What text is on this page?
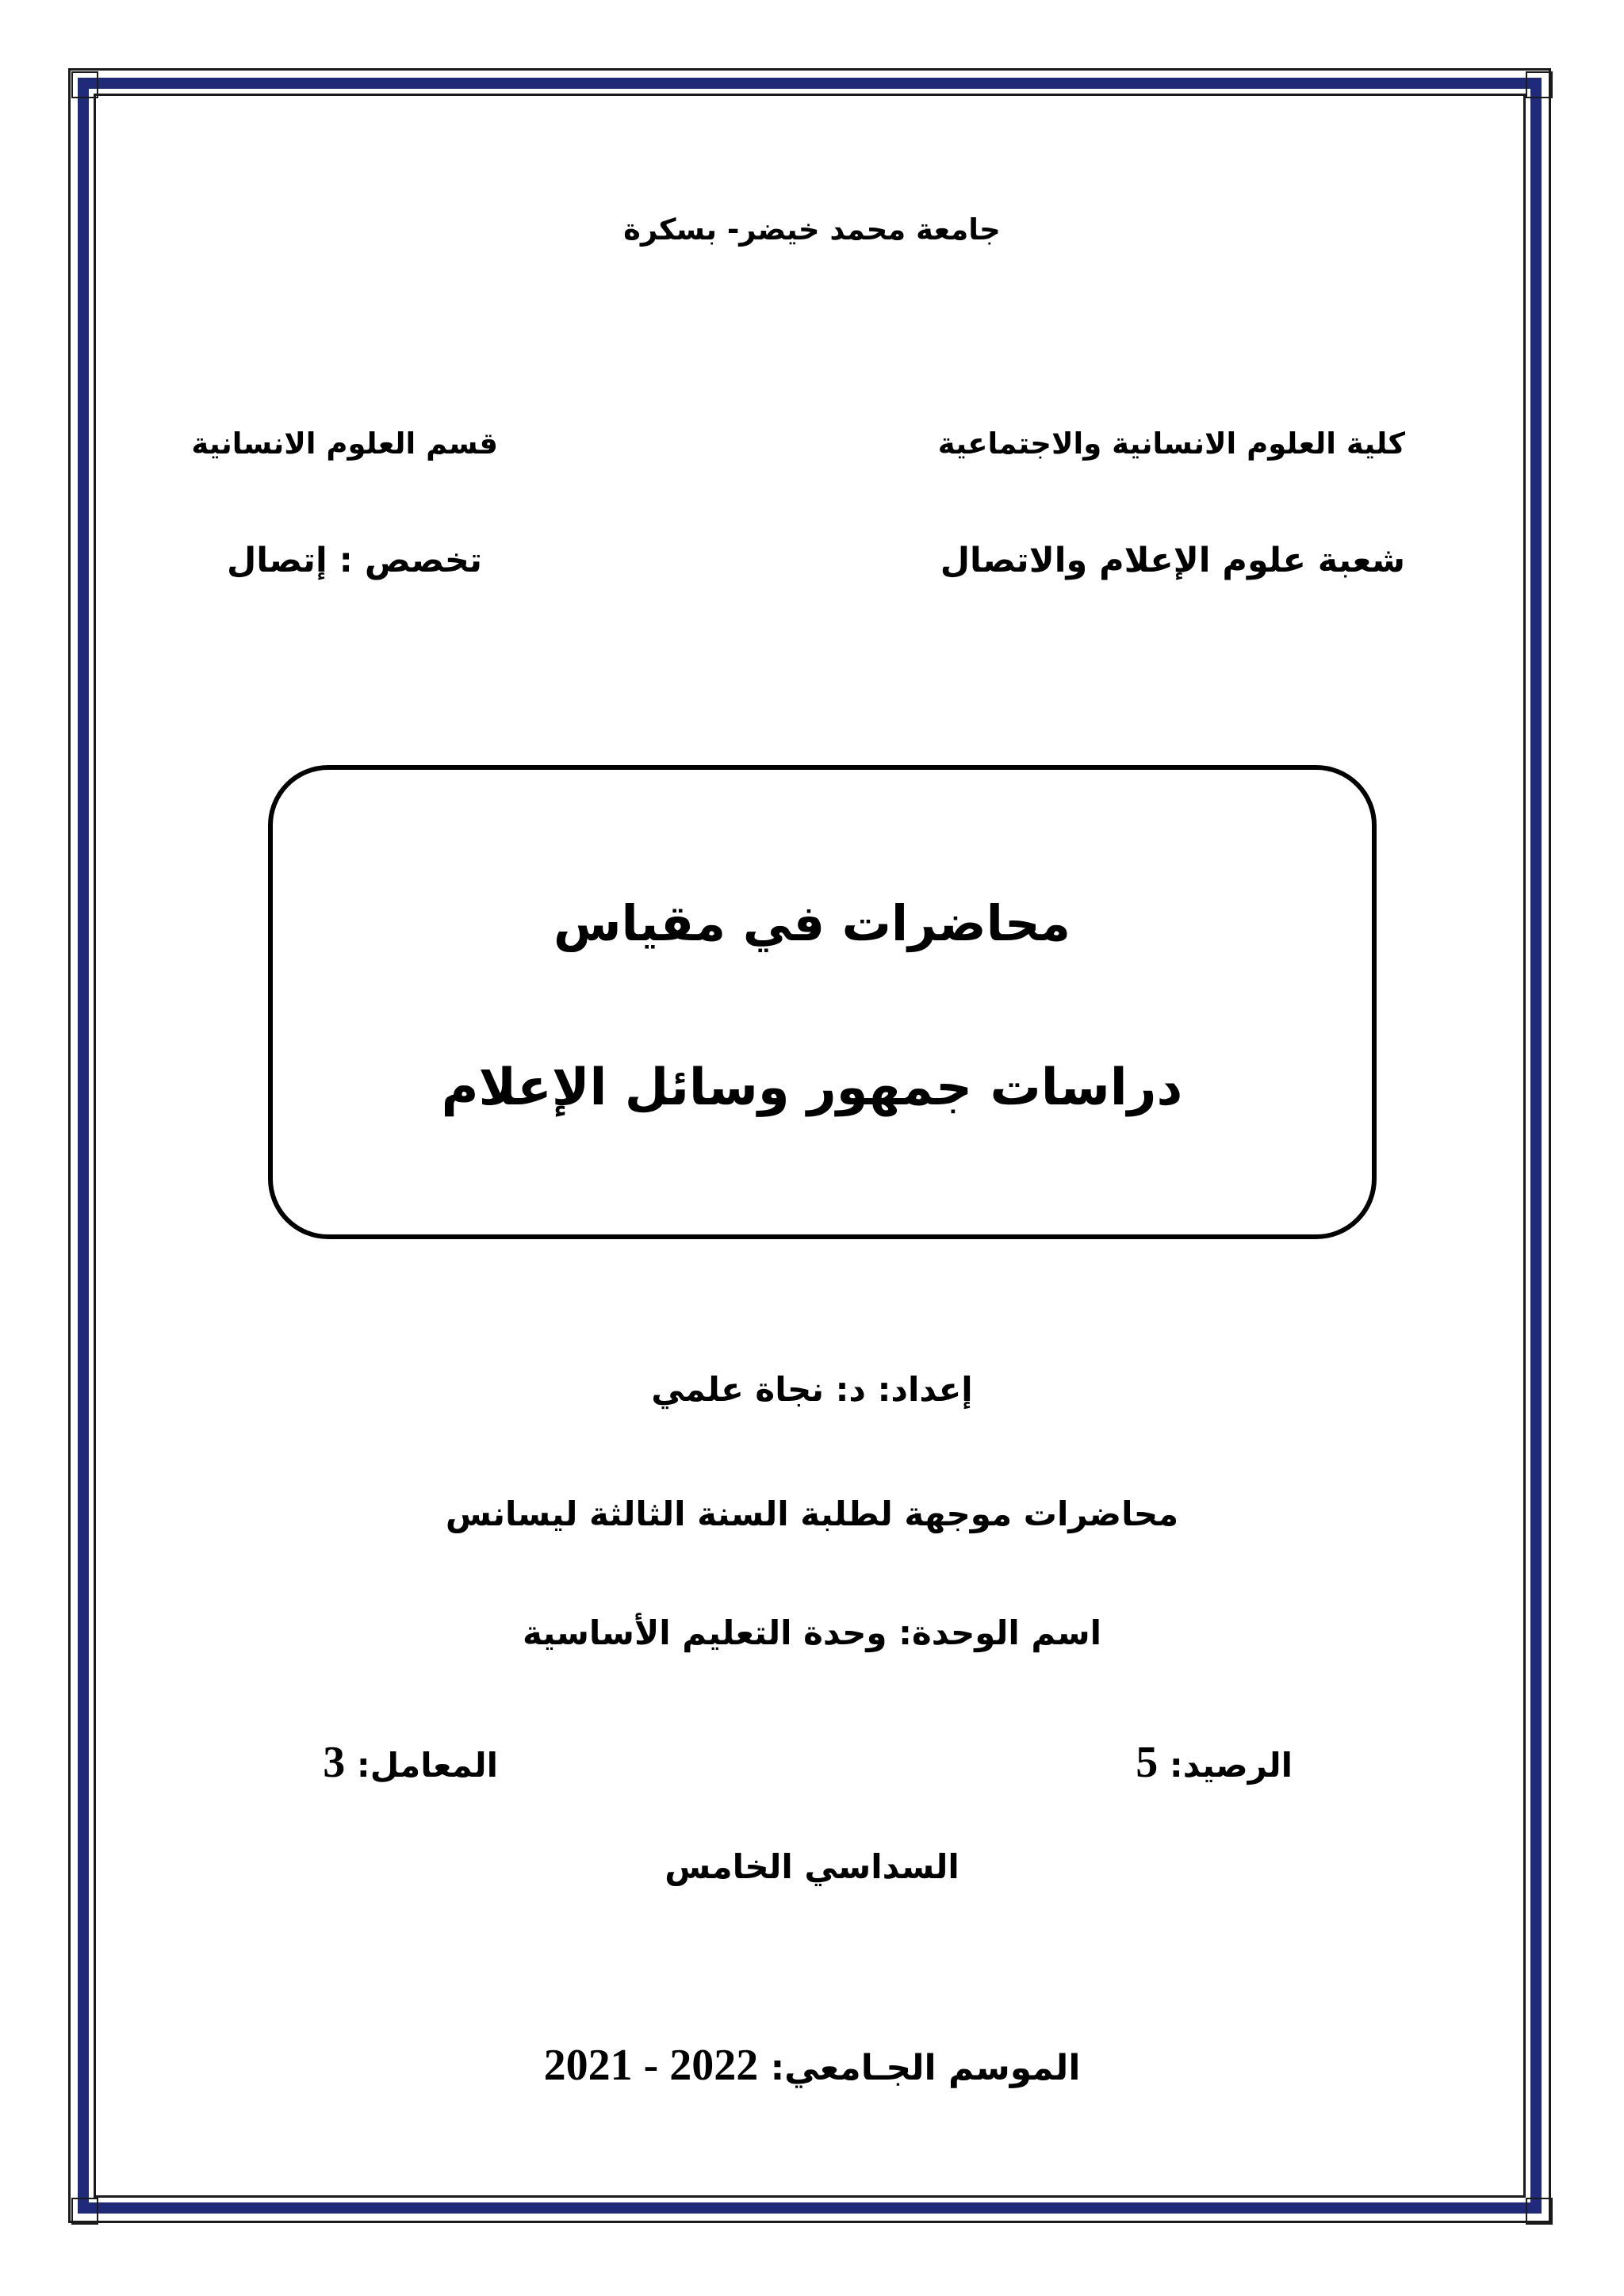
جامعة محمد خيضر- بسكرة
كلية العلوم الانسانية والاجتماعية
قسم العلوم الانسانية
شعبة علوم الإعلام والاتصال
تخصص : إتصال
محاضرات في مقياس
دراسات جمهور وسائل الإعلام
إعداد: د: نجاة علمي
محاضرات موجهة لطلبة السنة الثالثة ليسانس
اسم الوحدة: وحدة التعليم الأساسية
الرصيد: 5
المعامل: 3
السداسي الخامس
الموسم الجـامعي: 2021 - 2022
